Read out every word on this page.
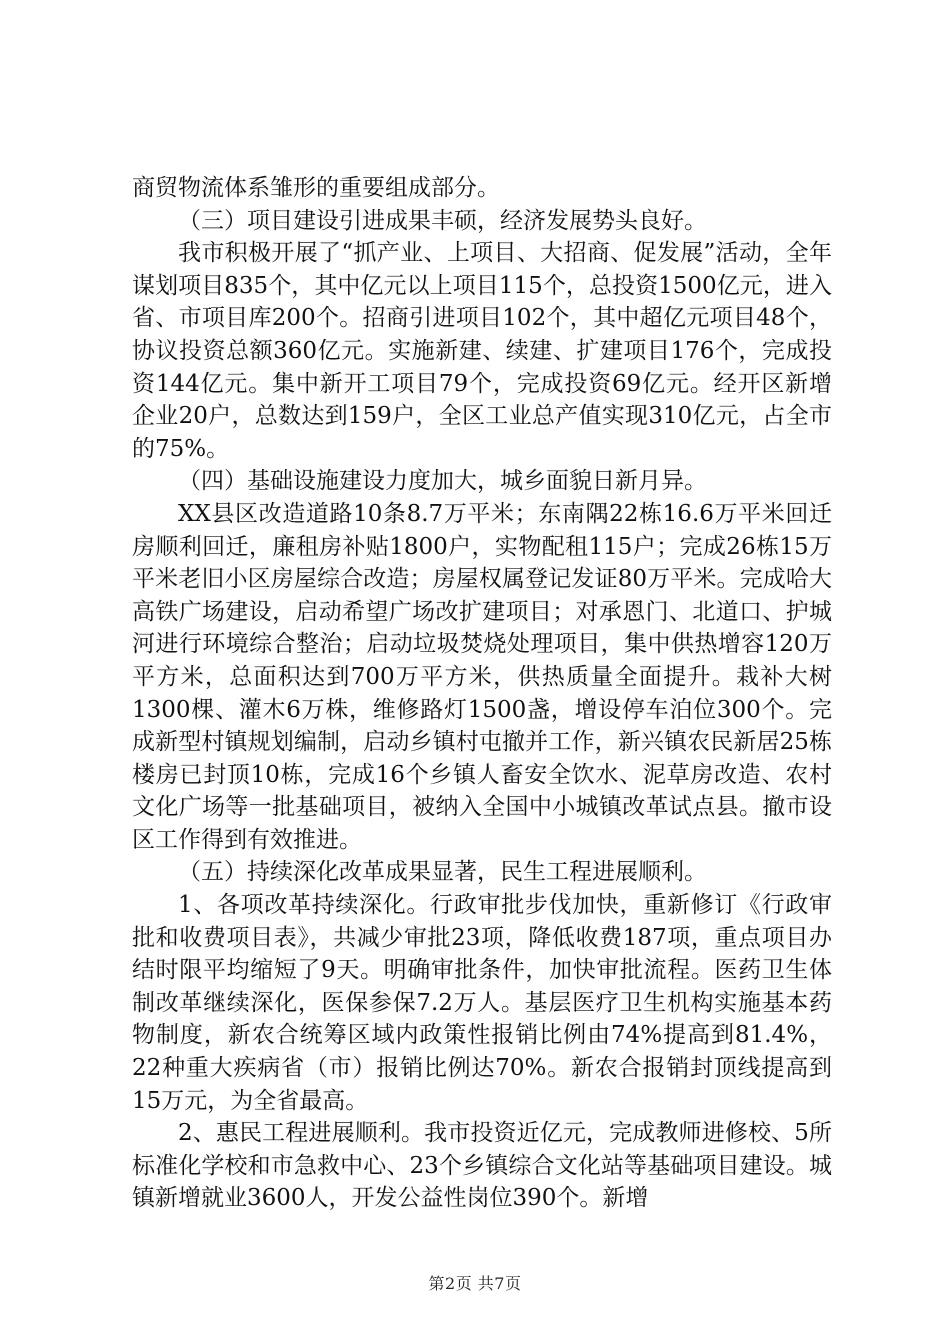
商贸物流体系雏形的重要组成部分。

（三）项目建设引进成果丰硕，经济发展势头良好。

我市积极开展了“抓产业、上项目、大招商、促发展”活动，全年谋划项目835个，其中亿元以上项目115个，总投资1500亿元，进入省、市项目库200个。招商引进项目102个，其中超亿元项目48个，协议投资总额360亿元。实施新建、续建、扩建项目176个，完成投资144亿元。集中新开工项目79个，完成投资69亿元。经开区新增企业20户，总数达到159户，全区工业总产值实现310亿元，占全市的75%。

（四）基础设施建设力度加大，城乡面貌日新月异。

XX县区改造道路10条8.7万平米；东南隅22栋16.6万平米回迁房顺利回迁，廉租房补贴1800户，实物配租115户；完成26栋15万平米老旧小区房屋综合改造；房屋权属登记发证80万平米。完成哈大高铁广场建设，启动希望广场改扩建项目；对承恩门、北道口、护城河进行环境综合整治；启动垃圾焚烧处理项目，集中供热增容120万平方米，总面积达到700万平方米，供热质量全面提升。栽补大树1300棵、灌木6万株，维修路灯1500盏，增设停车泊位300个。完成新型村镇规划编制，启动乡镇村屯撤并工作，新兴镇农民新居25栋楼房已封顶10栋，完成16个乡镇人畜安全饮水、泥草房改造、农村文化广场等一批基础项目，被纳入全国中小城镇改革试点县。撤市设区工作得到有效推进。

（五）持续深化改革成果显著，民生工程进展顺利。

1、各项改革持续深化。行政审批步伐加快，重新修订《行政审批和收费项目表》，共减少审批23项，降低收费187项，重点项目办结时限平均缩短了9天。明确审批条件，加快审批流程。医药卫生体制改革继续深化，医保参保7.2万人。基层医疗卫生机构实施基本药物制度，新农合统筹区域内政策性报销比例由74%提高到81.4%，22种重大疾病省（市）报销比例达70%。新农合报销封顶线提高到15万元，为全省最高。

2、惠民工程进展顺利。我市投资近亿元，完成教师进修校、5所标准化学校和市急救中心、23个乡镇综合文化站等基础项目建设。城镇新增就业3600人，开发公益性岗位390个。新增

第2页 共7页
